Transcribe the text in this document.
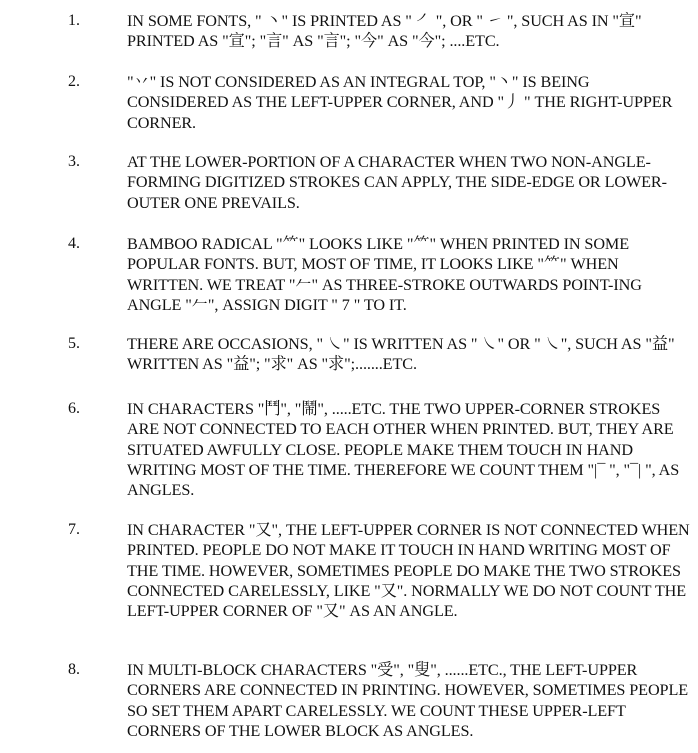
1.	IN SOME FONTS, " 丶" IS PRINTED AS " ㇒ ", OR " ㇀ ", SUCH AS IN "宣" PRINTED AS "宣"; "言" AS "言"; "今" AS "今"; ....ETC.
2.	"丷" IS NOT CONSIDERED AS AN INTEGRAL TOP, "丶" IS BEING CONSIDERED AS THE LEFT-UPPER CORNER, AND "丿 " THE RIGHT-UPPER CORNER.
3.	AT THE LOWER-PORTION OF A CHARACTER WHEN TWO NON-ANGLE-FORMING DIGITIZED STROKES CAN APPLY, THE SIDE-EDGE OR LOWER-OUTER ONE PREVAILS.
4.	BAMBOO RADICAL "⺮" LOOKS LIKE "⺮" WHEN PRINTED IN SOME POPULAR FONTS. BUT, MOST OF TIME, IT LOOKS LIKE "⺮" WHEN WRITTEN. WE TREAT "𠂉" AS THREE-STROKE OUTWARDS POINT-ING ANGLE "𠂉", ASSIGN DIGIT " 7 " TO IT.
5.	THERE ARE OCCASIONS, " ㇏" IS WRITTEN AS " ㇏" OR " ㇏", SUCH AS "益" WRITTEN AS "益"; "求" AS "求";.......ETC.
6.	IN CHARACTERS "鬥", "鬧", .....ETC. THE TWO UPPER-CORNER STROKES ARE NOT CONNECTED TO EACH OTHER WHEN PRINTED. BUT, THEY ARE SITUATED AWFULLY CLOSE. PEOPLE MAKE THEM TOUCH IN HAND WRITING MOST OF THE TIME. THEREFORE WE COUNT THEM "|¯ ", "¯| ", AS ANGLES.
7.	IN CHARACTER "又", THE LEFT-UPPER CORNER IS NOT CONNECTED WHEN PRINTED. PEOPLE DO NOT MAKE IT TOUCH IN HAND WRITING MOST OF THE TIME. HOWEVER, SOMETIMES PEOPLE DO MAKE THE TWO STROKES CONNECTED CARELESSLY, LIKE "又". NORMALLY WE DO NOT COUNT THE LEFT-UPPER CORNER OF "又" AS AN ANGLE.
8.	IN MULTI-BLOCK CHARACTERS "受", "叟", ......ETC., THE LEFT-UPPER CORNERS ARE CONNECTED IN PRINTING. HOWEVER, SOMETIMES PEOPLE SO SET THEM APART CARELESSLY. WE COUNT THESE UPPER-LEFT CORNERS OF THE LOWER BLOCK AS ANGLES.
